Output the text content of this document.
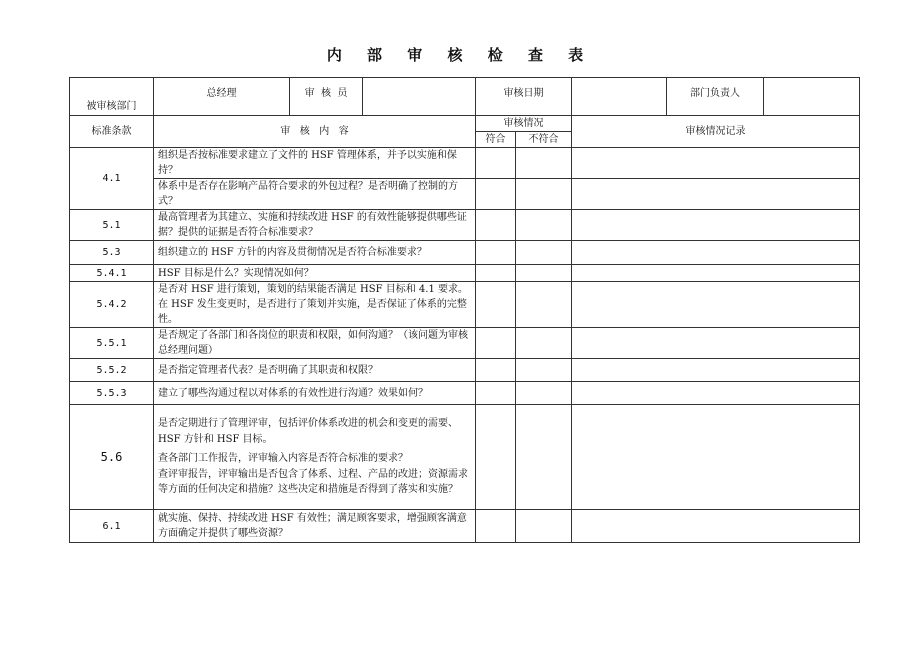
内 部 审 核 检 查 表
被审核部门	总经理	审  核  员		审核日期			部门负责人	
标准条款	审   核   内   容			审核情况		审核情况记录		
				符合	不符合			
4.1	组织是否按标准要求建立了文件的 HSF 管理体系，并予以实施和保持？							
	体系中是否存在影响产品符合要求的外包过程？是否明确了控制的方式？							
5.1	最高管理者为其建立、实施和持续改进 HSF 的有效性能够提供哪些证据？提供的证据是否符合标准要求？							
5.3	组织建立的 HSF 方针的内容及贯彻情况是否符合标准要求？							
5.4.1	HSF 目标是什么？实现情况如何？							
5.4.2	是否对 HSF 进行策划，策划的结果能否满足 HSF 目标和 4.1 要求。在 HSF 发生变更时，是否进行了策划并实施，是否保证了体系的完整性。							
5.5.1	是否规定了各部门和各岗位的职责和权限，如何沟通？（该问题为审核总经理问题）							
5.5.2	是否指定管理者代表？是否明确了其职责和权限？							
5.5.3	建立了哪些沟通过程以对体系的有效性进行沟通？效果如何？							
5.6	是否定期进行了管理评审，包括评价体系改进的机会和变更的需要、HSF 方针和 HSF 目标。
查各部门工作报告，评审输入内容是否符合标准的要求？
查评审报告，评审输出是否包含了体系、过程、产品的改进；资源需求等方面的任何决定和措施？这些决定和措施是否得到了落实和实施？							

6.1	就实施、保持、持续改进 HSF 有效性；满足顾客要求，增强顾客满意方面确定并提供了哪些资源？							
